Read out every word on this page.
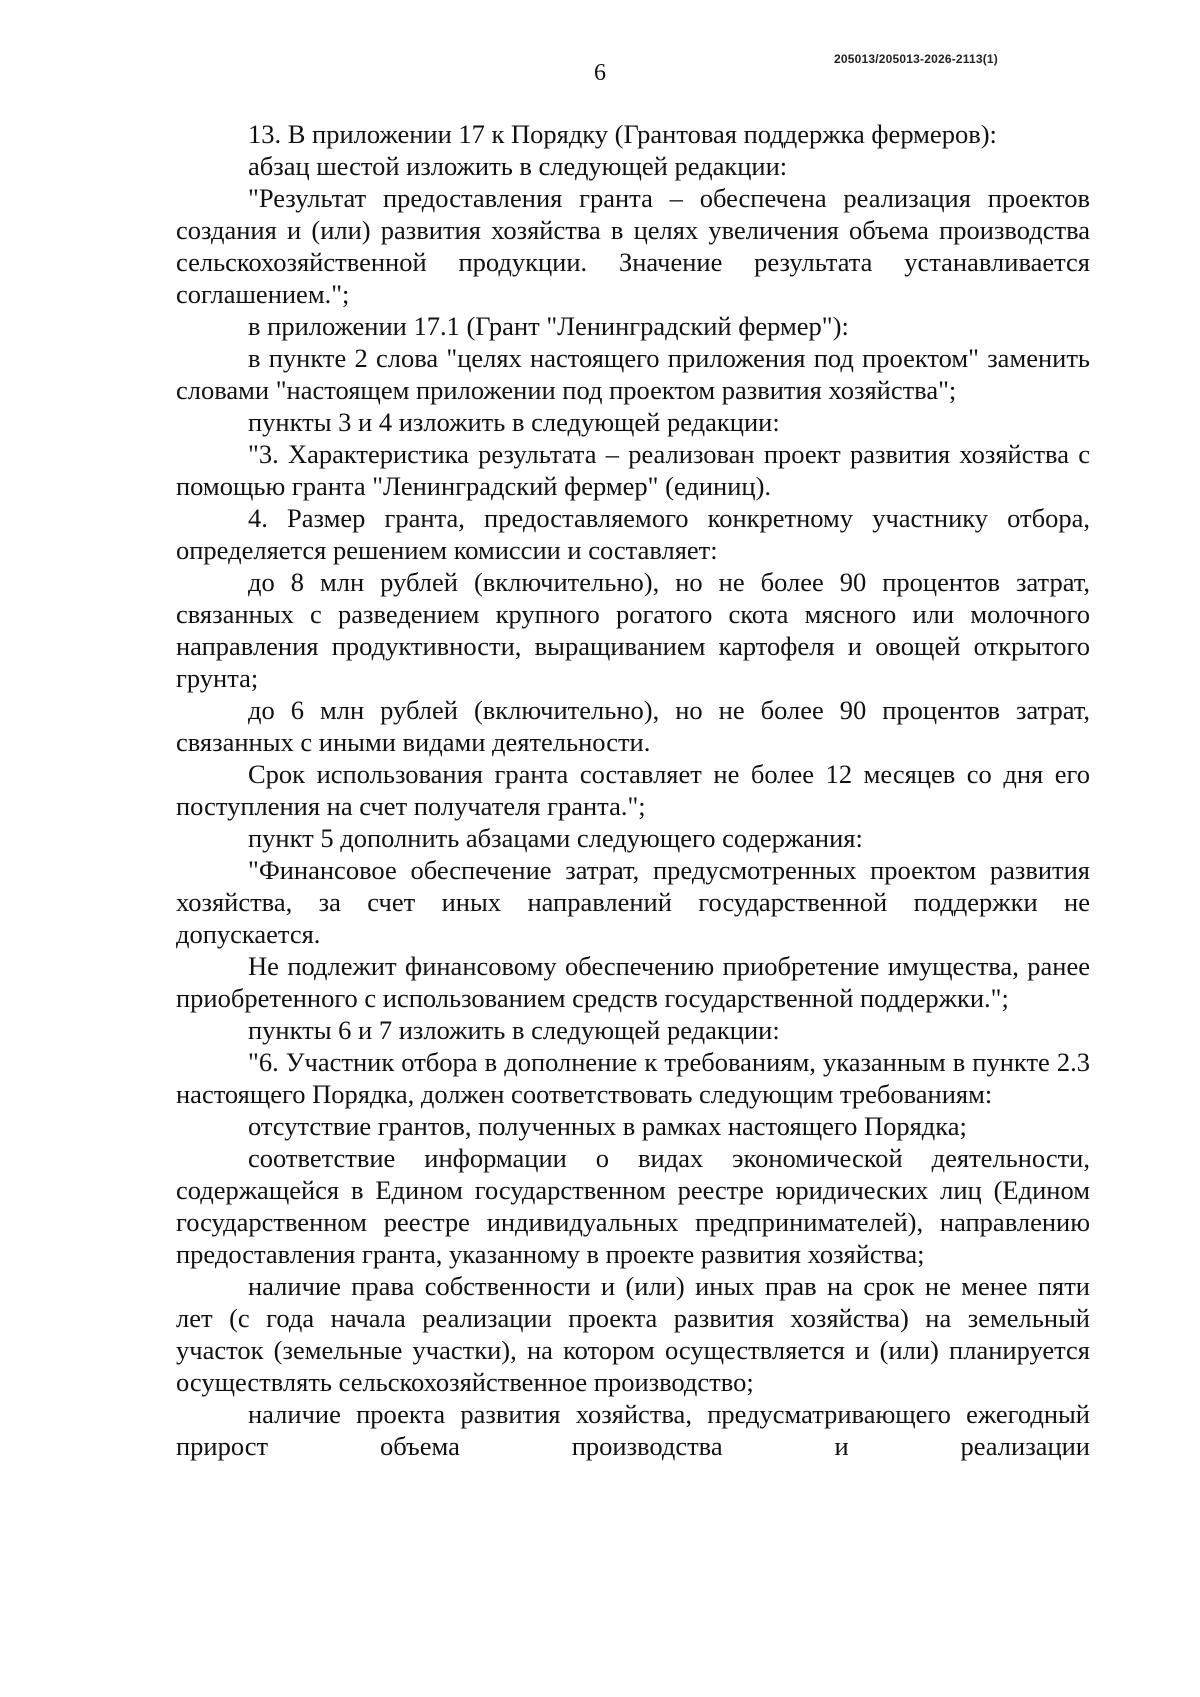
205013/205013-2026-2113(1)
6

13. В приложении 17 к Порядку (Грантовая поддержка фермеров):

абзац шестой изложить в следующей редакции:

"Результат предоставления гранта – обеспечена реализация проектов создания и (или) развития хозяйства в целях увеличения объема производства сельскохозяйственной продукции. Значение результата устанавливается соглашением.";

в приложении 17.1 (Грант "Ленинградский фермер"):

в пункте 2 слова "целях настоящего приложения под проектом" заменить словами "настоящем приложении под проектом развития хозяйства";

пункты 3 и 4 изложить в следующей редакции:

"3. Характеристика результата – реализован проект развития хозяйства с помощью гранта "Ленинградский фермер" (единиц).

4. Размер гранта, предоставляемого конкретному участнику отбора, определяется решением комиссии и составляет:

до 8 млн рублей (включительно), но не более 90 процентов затрат, связанных с разведением крупного рогатого скота мясного или молочного направления продуктивности, выращиванием картофеля и овощей открытого грунта;

до 6 млн рублей (включительно), но не более 90 процентов затрат, связанных с иными видами деятельности.

Срок использования гранта составляет не более 12 месяцев со дня его поступления на счет получателя гранта.";

пункт 5 дополнить абзацами следующего содержания:

"Финансовое обеспечение затрат, предусмотренных проектом развития хозяйства, за счет иных направлений государственной поддержки не допускается.

Не подлежит финансовому обеспечению приобретение имущества, ранее приобретенного с использованием средств государственной поддержки.";

пункты 6 и 7 изложить в следующей редакции:

"6. Участник отбора в дополнение к требованиям, указанным в пункте 2.3 настоящего Порядка, должен соответствовать следующим требованиям:

отсутствие грантов, полученных в рамках настоящего Порядка;

соответствие информации о видах экономической деятельности, содержащейся в Едином государственном реестре юридических лиц (Едином государственном реестре индивидуальных предпринимателей), направлению предоставления гранта, указанному в проекте развития хозяйства;

наличие права собственности и (или) иных прав на срок не менее пяти лет (с года начала реализации проекта развития хозяйства) на земельный участок (земельные участки), на котором осуществляется и (или) планируется осуществлять сельскохозяйственное производство;

наличие проекта развития хозяйства, предусматривающего ежегодный прирост объема производства и реализации
